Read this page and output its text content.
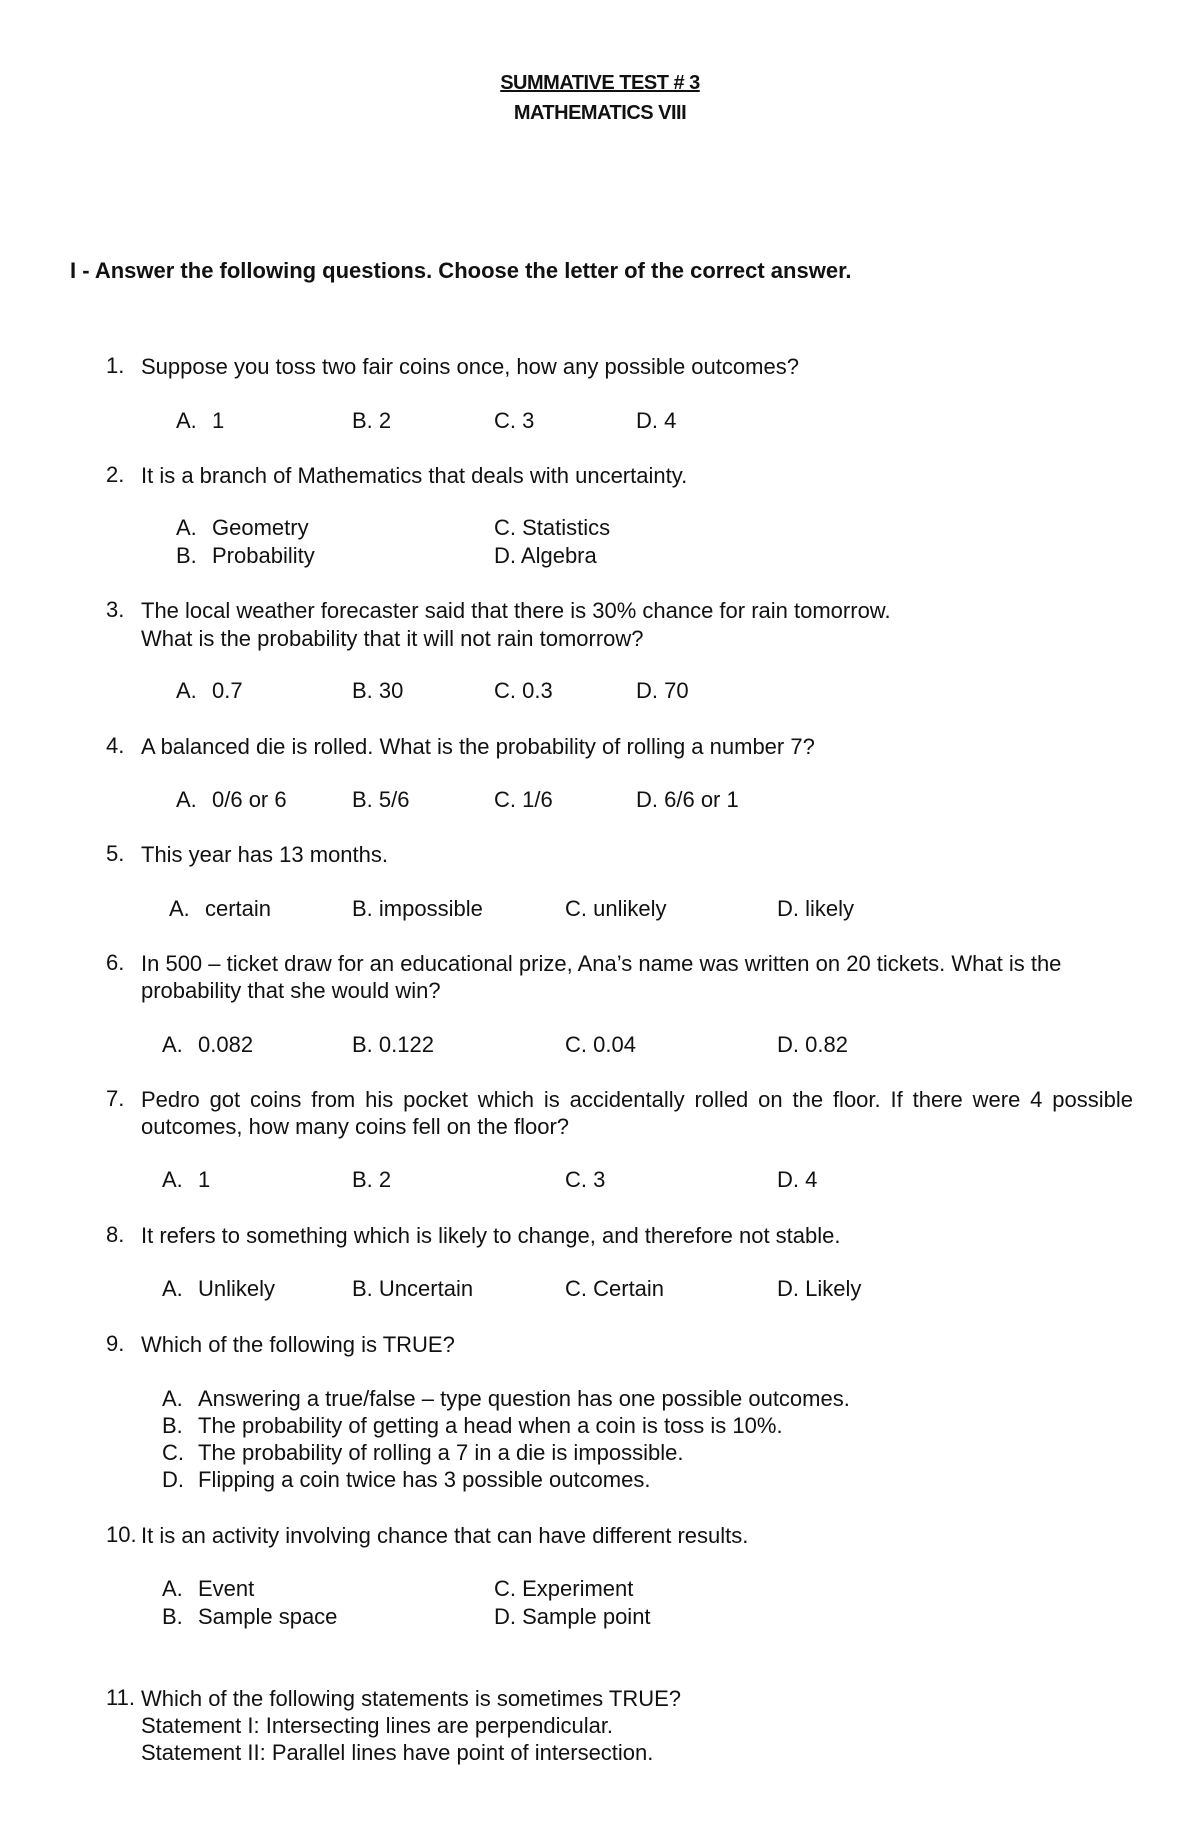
SUMMATIVE TEST # 3
MATHEMATICS VIII
I - Answer the following questions. Choose the letter of the correct answer.
1. Suppose you toss two fair coins once, how any possible outcomes?
A. 1	B. 2	C. 3	D. 4
2. It is a branch of Mathematics that deals with uncertainty.
A. Geometry	C. Statistics
B. Probability	D. Algebra
3. The local weather forecaster said that there is 30% chance for rain tomorrow.
What is the probability that it will not rain tomorrow?
A. 0.7	B. 30	C. 0.3	D. 70
4. A balanced die is rolled. What is the probability of rolling a number 7?
A. 0/6 or 6	B. 5/6	C. 1/6	D. 6/6 or 1
5. This year has 13 months.
A. certain	B. impossible	C. unlikely	D. likely
6. In 500 – ticket draw for an educational prize, Ana’s name was written on 20 tickets. What is the probability that she would win?
A. 0.082	B. 0.122	C. 0.04	D. 0.82
7. Pedro got coins from his pocket which is accidentally rolled on the floor. If there were 4 possible outcomes, how many coins fell on the floor?
A. 1	B. 2	C. 3	D. 4
8. It refers to something which is likely to change, and therefore not stable.
A. Unlikely	B. Uncertain	C. Certain	D. Likely
9. Which of the following is TRUE?
A. Answering a true/false – type question has one possible outcomes.
B. The probability of getting a head when a coin is toss is 10%.
C. The probability of rolling a 7 in a die is impossible.
D. Flipping a coin twice has 3 possible outcomes.
10. It is an activity involving chance that can have different results.
A. Event	C. Experiment
B. Sample space	D. Sample point
11. Which of the following statements is sometimes TRUE?
Statement I: Intersecting lines are perpendicular.
Statement II: Parallel lines have point of intersection.
